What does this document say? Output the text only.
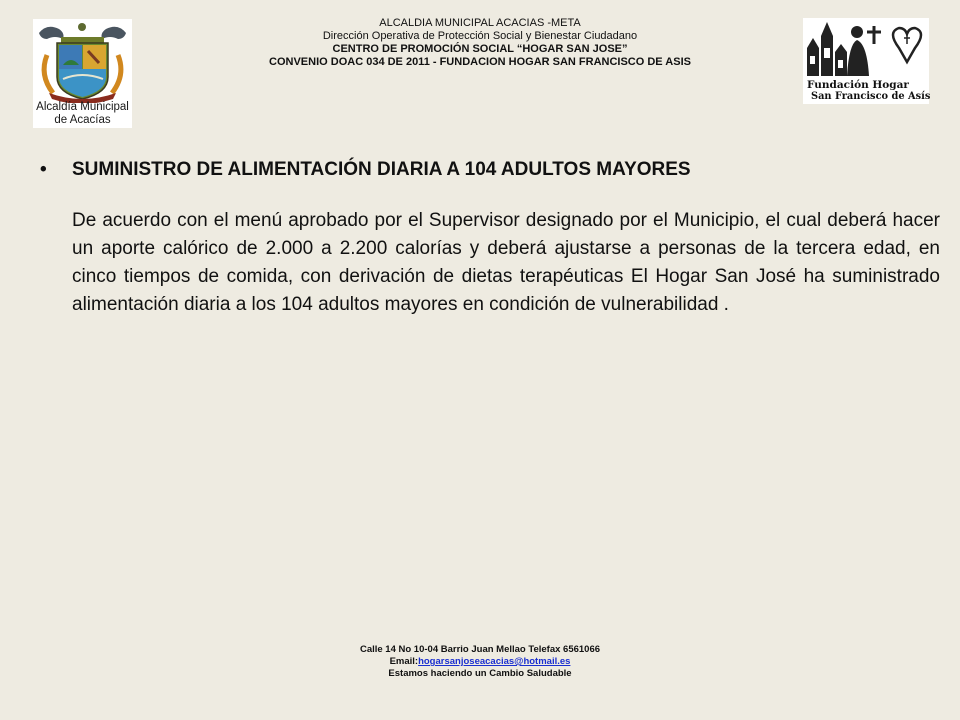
Alcaldía Municipal
de Acacías
ALCALDIA MUNICIPAL ACACIAS -META
Dirección Operativa de Protección Social y Bienestar Ciudadano
CENTRO DE PROMOCIÓN SOCIAL “HOGAR SAN JOSE”
CONVENIO DOAC 034 DE 2011 - FUNDACION HOGAR SAN FRANCISCO DE ASIS
Fundación Hogar
San Francisco de Asís
•	SUMINISTRO DE ALIMENTACIÓN DIARIA A 104 ADULTOS MAYORES
De acuerdo con el menú aprobado por el Supervisor designado por el Municipio, el cual deberá hacer un aporte calórico de 2.000 a 2.200 calorías y deberá ajustarse a personas de la tercera edad, en cinco tiempos de comida, con derivación de dietas terapéuticas El Hogar San José ha suministrado alimentación diaria a los 104 adultos mayores en condición de vulnerabilidad .
Calle 14 No 10-04 Barrio Juan Mellao Telefax 6561066
Email:hogarsanjoseacacias@hotmail.es
Estamos haciendo un Cambio Saludable
